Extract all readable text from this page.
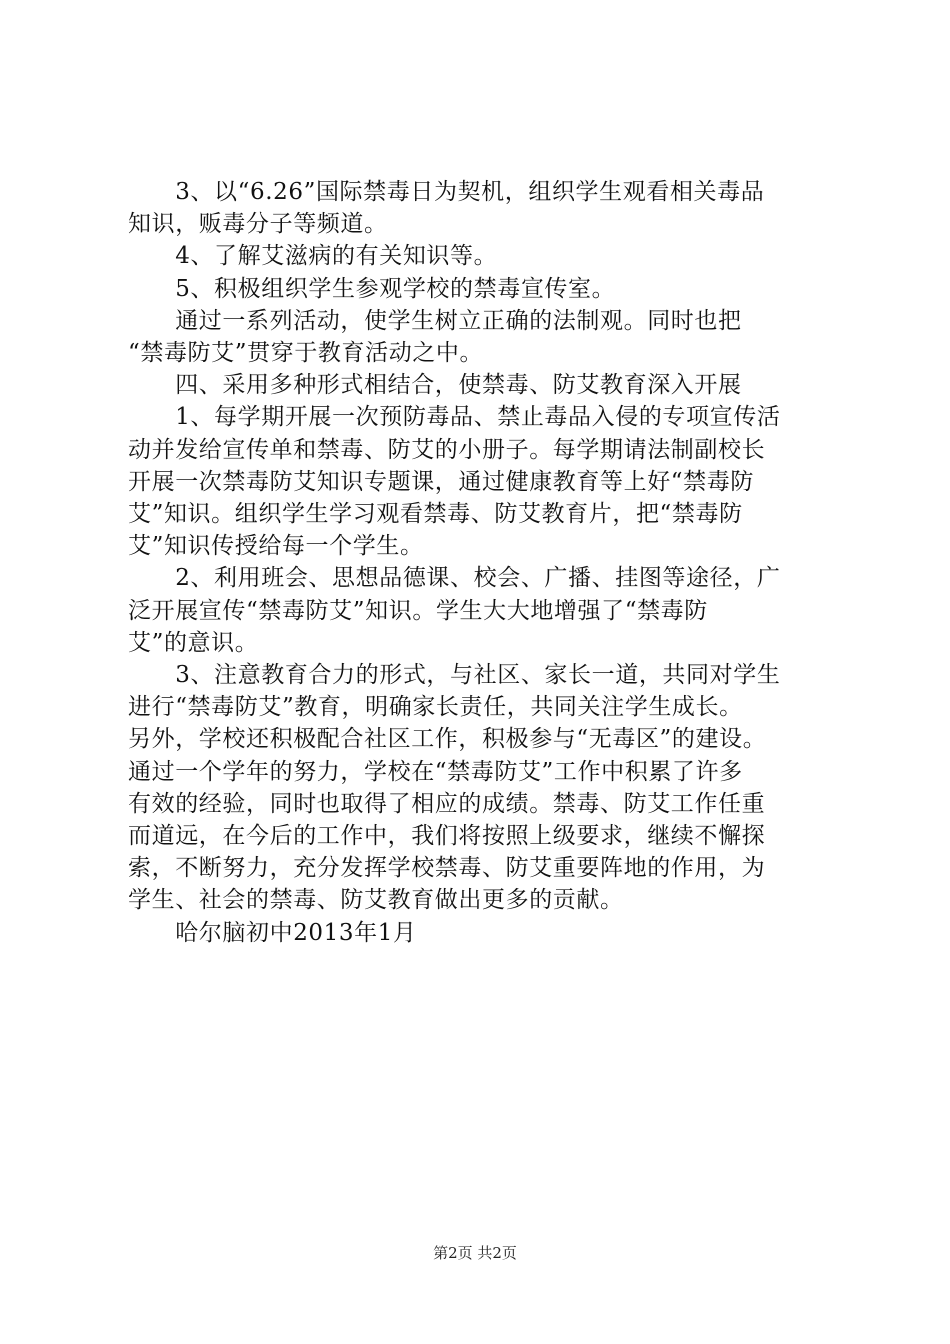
　　3、以“6.26”国际禁毒日为契机，组织学生观看相关毒品
知识，贩毒分子等频道。
　　4、了解艾滋病的有关知识等。
　　5、积极组织学生参观学校的禁毒宣传室。
　　通过一系列活动，使学生树立正确的法制观。同时也把
“禁毒防艾”贯穿于教育活动之中。
　　四、采用多种形式相结合，使禁毒、防艾教育深入开展
　　1、每学期开展一次预防毒品、禁止毒品入侵的专项宣传活
动并发给宣传单和禁毒、防艾的小册子。每学期请法制副校长
开展一次禁毒防艾知识专题课，通过健康教育等上好“禁毒防
艾”知识。组织学生学习观看禁毒、防艾教育片，把“禁毒防
艾”知识传授给每一个学生。
　　2、利用班会、思想品德课、校会、广播、挂图等途径，广
泛开展宣传“禁毒防艾”知识。学生大大地增强了“禁毒防
艾”的意识。
　　3、注意教育合力的形式，与社区、家长一道，共同对学生
进行“禁毒防艾”教育，明确家长责任，共同关注学生成长。
另外，学校还积极配合社区工作，积极参与“无毒区”的建设。
通过一个学年的努力，学校在“禁毒防艾”工作中积累了许多
有效的经验，同时也取得了相应的成绩。禁毒、防艾工作任重
而道远，在今后的工作中，我们将按照上级要求，继续不懈探
索，不断努力，充分发挥学校禁毒、防艾重要阵地的作用，为
学生、社会的禁毒、防艾教育做出更多的贡献。
　　哈尔脑初中2013年1月
第2页 共2页
